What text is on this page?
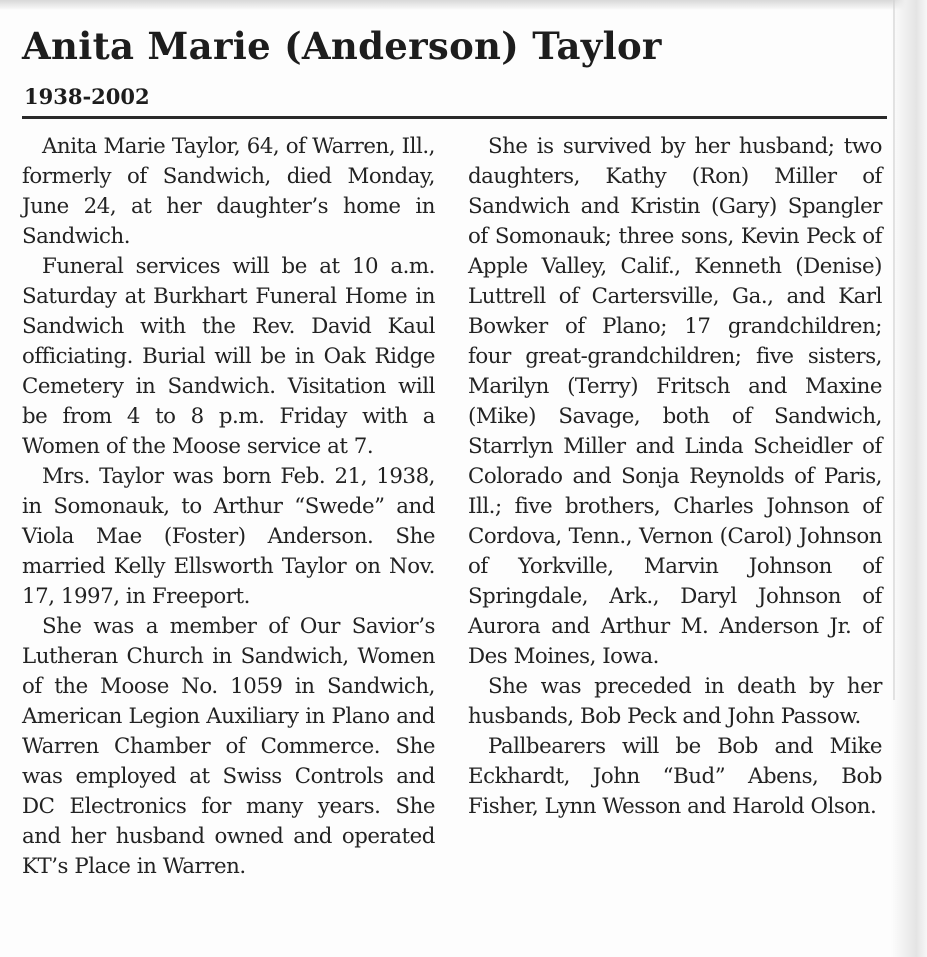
Anita Marie (Anderson) Taylor
1938-2002

Anita Marie Taylor, 64, of Warren, Ill., formerly of Sandwich, died Monday, June 24, at her daughter’s home in Sandwich.

Funeral services will be at 10 a.m. Saturday at Burkhart Funeral Home in Sandwich with the Rev. David Kaul officiating. Burial will be in Oak Ridge Cemetery in Sandwich. Visitation will be from 4 to 8 p.m. Friday with a Women of the Moose service at 7.

Mrs. Taylor was born Feb. 21, 1938, in Somonauk, to Arthur “Swede” and Viola Mae (Foster) Anderson. She married Kelly Ellsworth Taylor on Nov. 17, 1997, in Freeport.

She was a member of Our Savior’s Lutheran Church in Sandwich, Women of the Moose No. 1059 in Sandwich, American Legion Auxiliary in Plano and Warren Chamber of Commerce. She was employed at Swiss Controls and DC Electronics for many years. She and her husband owned and operated KT’s Place in Warren.

She is survived by her husband; two daughters, Kathy (Ron) Miller of Sandwich and Kristin (Gary) Spangler of Somonauk; three sons, Kevin Peck of Apple Valley, Calif., Kenneth (Denise) Luttrell of Cartersville, Ga., and Karl Bowker of Plano; 17 grandchildren; four great-grandchildren; five sisters, Marilyn (Terry) Fritsch and Maxine (Mike) Savage, both of Sandwich, Starrlyn Miller and Linda Scheidler of Colorado and Sonja Reynolds of Paris, Ill.; five brothers, Charles Johnson of Cordova, Tenn., Vernon (Carol) Johnson of Yorkville, Marvin Johnson of Springdale, Ark., Daryl Johnson of Aurora and Arthur M. Anderson Jr. of Des Moines, Iowa.

She was preceded in death by her husbands, Bob Peck and John Passow.

Pallbearers will be Bob and Mike Eckhardt, John “Bud” Abens, Bob Fisher, Lynn Wesson and Harold Olson.
